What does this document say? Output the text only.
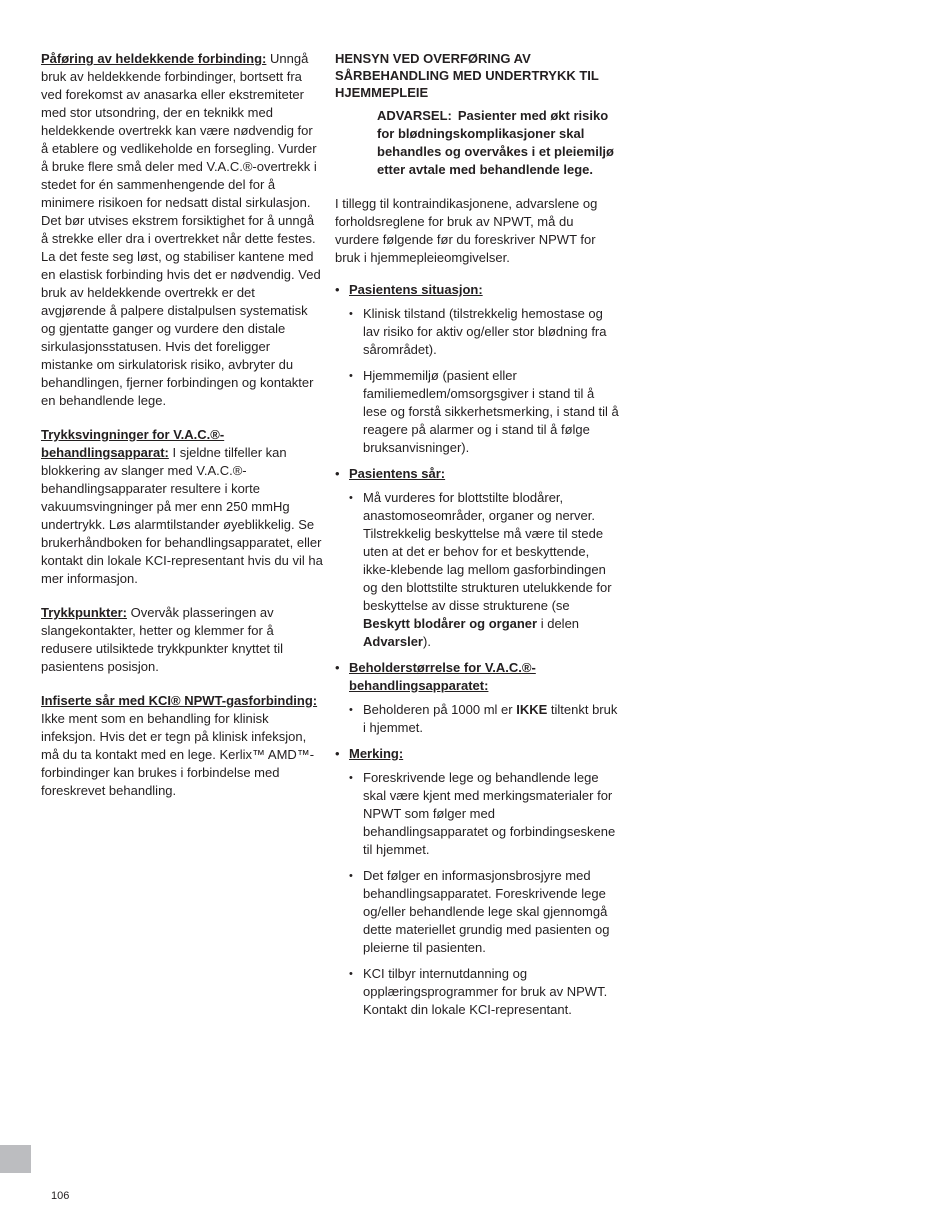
Påføring av heldekkende forbinding: Unngå bruk av heldekkende forbindinger, bortsett fra ved forekomst av anasarka eller ekstremiteter med stor utsondring, der en teknikk med heldekkende overtrekk kan være nødvendig for å etablere og vedlikeholde en forsegling. Vurder å bruke flere små deler med V.A.C.®-overtrekk i stedet for én sammenhengende del for å minimere risikoen for nedsatt distal sirkulasjon. Det bør utvises ekstrem forsiktighet for å unngå å strekke eller dra i overtrekket når dette festes. La det feste seg løst, og stabiliser kantene med en elastisk forbinding hvis det er nødvendig. Ved bruk av heldekkende overtrekk er det avgjørende å palpere distalpulsen systematisk og gjentatte ganger og vurdere den distale sirkulasjonsstatusen. Hvis det foreligger mistanke om sirkulatorisk risiko, avbryter du behandlingen, fjerner forbindingen og kontakter en behandlende lege.

Trykksvingninger for V.A.C.®-behandlingsapparat: I sjeldne tilfeller kan blokkering av slanger med V.A.C.®-behandlingsapparater resultere i korte vakuumsvingninger på mer enn 250 mmHg undertrykk. Løs alarmtilstander øyeblikkelig. Se brukerhåndboken for behandlingsapparatet, eller kontakt din lokale KCI-representant hvis du vil ha mer informasjon.

Trykkpunkter: Overvåk plasseringen av slangekontakter, hetter og klemmer for å redusere utilsiktede trykkpunkter knyttet til pasientens posisjon.

Infiserte sår med KCI® NPWT-gasforbinding: Ikke ment som en behandling for klinisk infeksjon. Hvis det er tegn på klinisk infeksjon, må du ta kontakt med en lege. Kerlix™ AMD™-forbindinger kan brukes i forbindelse med foreskrevet behandling.

HENSYN VED OVERFØRING AV SÅRBEHANDLING MED UNDERTRYKK TIL HJEMMEPLEIE
ADVARSEL: Pasienter med økt risiko for blødningskomplikasjoner skal behandles og overvåkes i et pleiemiljø etter avtale med behandlende lege.

I tillegg til kontraindikasjonene, advarslene og forholdsreglene for bruk av NPWT, må du vurdere følgende før du foreskriver NPWT for bruk i hjemmepleieomgivelser.

• Pasientens situasjon:
• Klinisk tilstand (tilstrekkelig hemostase og lav risiko for aktiv og/eller stor blødning fra sårområdet).
• Hjemmemiljø (pasient eller familiemedlem/omsorgsgiver i stand til å lese og forstå sikkerhetsmerking, i stand til å reagere på alarmer og i stand til å følge bruksanvisninger).
• Pasientens sår:
• Må vurderes for blottstilte blodårer, anastomoseområder, organer og nerver. Tilstrekkelig beskyttelse må være til stede uten at det er behov for et beskyttende, ikke-klebende lag mellom gasforbindingen og den blottstilte strukturen utelukkende for beskyttelse av disse strukturene (se Beskytt blodårer og organer i delen Advarsler).
• Beholderstørrelse for V.A.C.®-behandlingsapparatet:
• Beholderen på 1000 ml er IKKE tiltenkt bruk i hjemmet.
• Merking:
• Foreskrivende lege og behandlende lege skal være kjent med merkingsmaterialer for NPWT som følger med behandlingsapparatet og forbindingseskene til hjemmet.
• Det følger en informasjonsbrosjyre med behandlingsapparatet. Foreskrivende lege og/eller behandlende lege skal gjennomgå dette materiellet grundig med pasienten og pleierne til pasienten.
• KCI tilbyr internutdanning og opplæringsprogrammer for bruk av NPWT. Kontakt din lokale KCI-representant.
106
